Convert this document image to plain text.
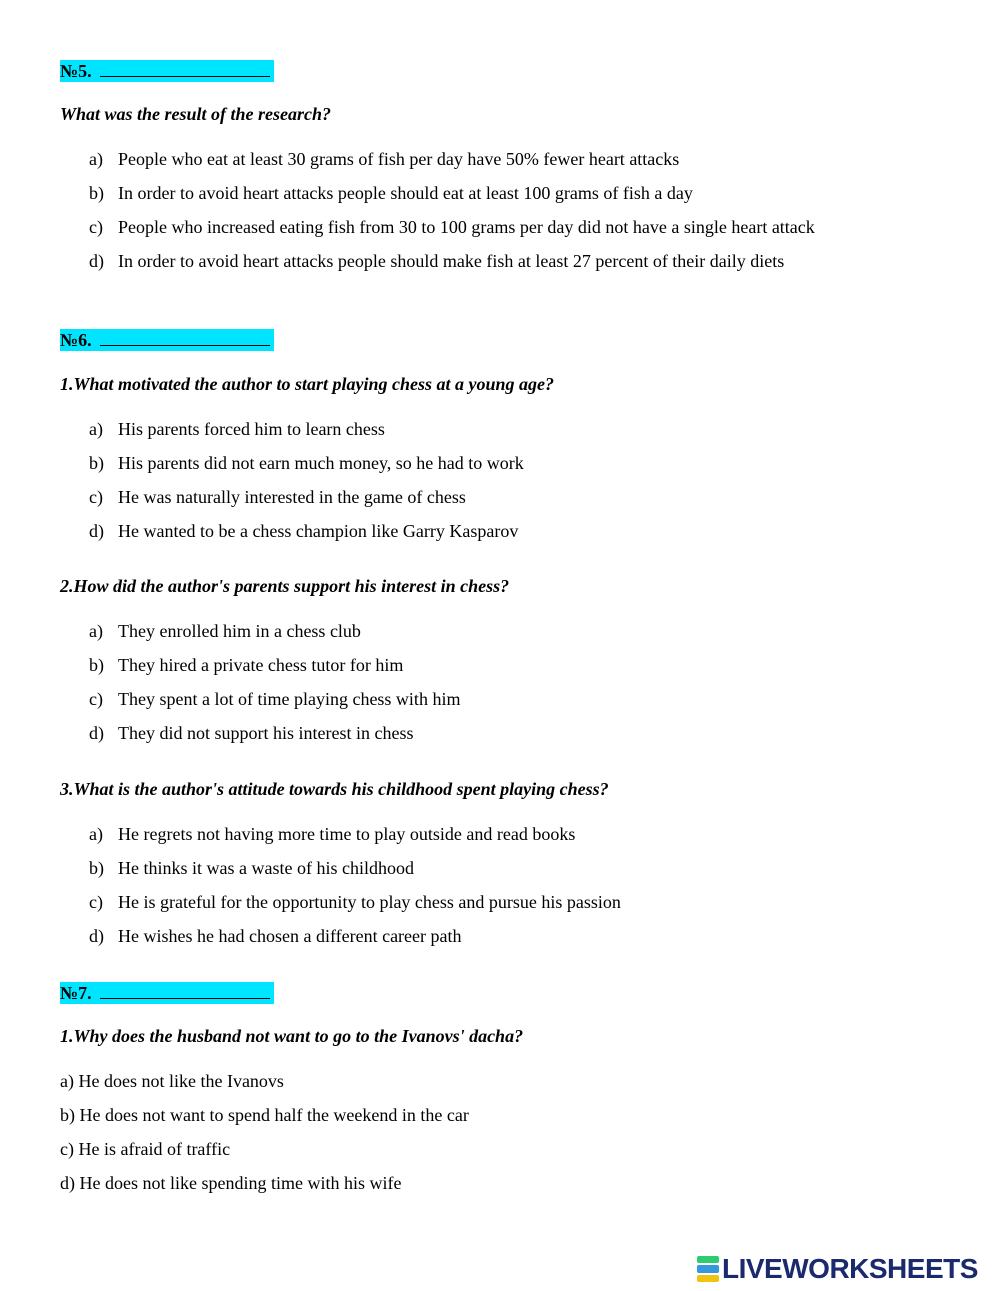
№5.
What was the result of the research?
a) People who eat at least 30 grams of fish per day have 50% fewer heart attacks
b) In order to avoid heart attacks people should eat at least 100 grams of fish a day
c) People who increased eating fish from 30 to 100 grams per day did not have a single heart attack
d) In order to avoid heart attacks people should make fish at least 27 percent of their daily diets
№6.
1.What motivated the author to start playing chess at a young age?
a) His parents forced him to learn chess
b) His parents did not earn much money, so he had to work
c) He was naturally interested in the game of chess
d) He wanted to be a chess champion like Garry Kasparov
2.How did the author's parents support his interest in chess?
a) They enrolled him in a chess club
b) They hired a private chess tutor for him
c) They spent a lot of time playing chess with him
d) They did not support his interest in chess
3.What is the author's attitude towards his childhood spent playing chess?
a) He regrets not having more time to play outside and read books
b) He thinks it was a waste of his childhood
c) He is grateful for the opportunity to play chess and pursue his passion
d) He wishes he had chosen a different career path
№7.
1.Why does the husband not want to go to the Ivanovs' dacha?
a) He does not like the Ivanovs
b) He does not want to spend half the weekend in the car
c) He is afraid of traffic
d) He does not like spending time with his wife
LIVEWORKSHEETS
